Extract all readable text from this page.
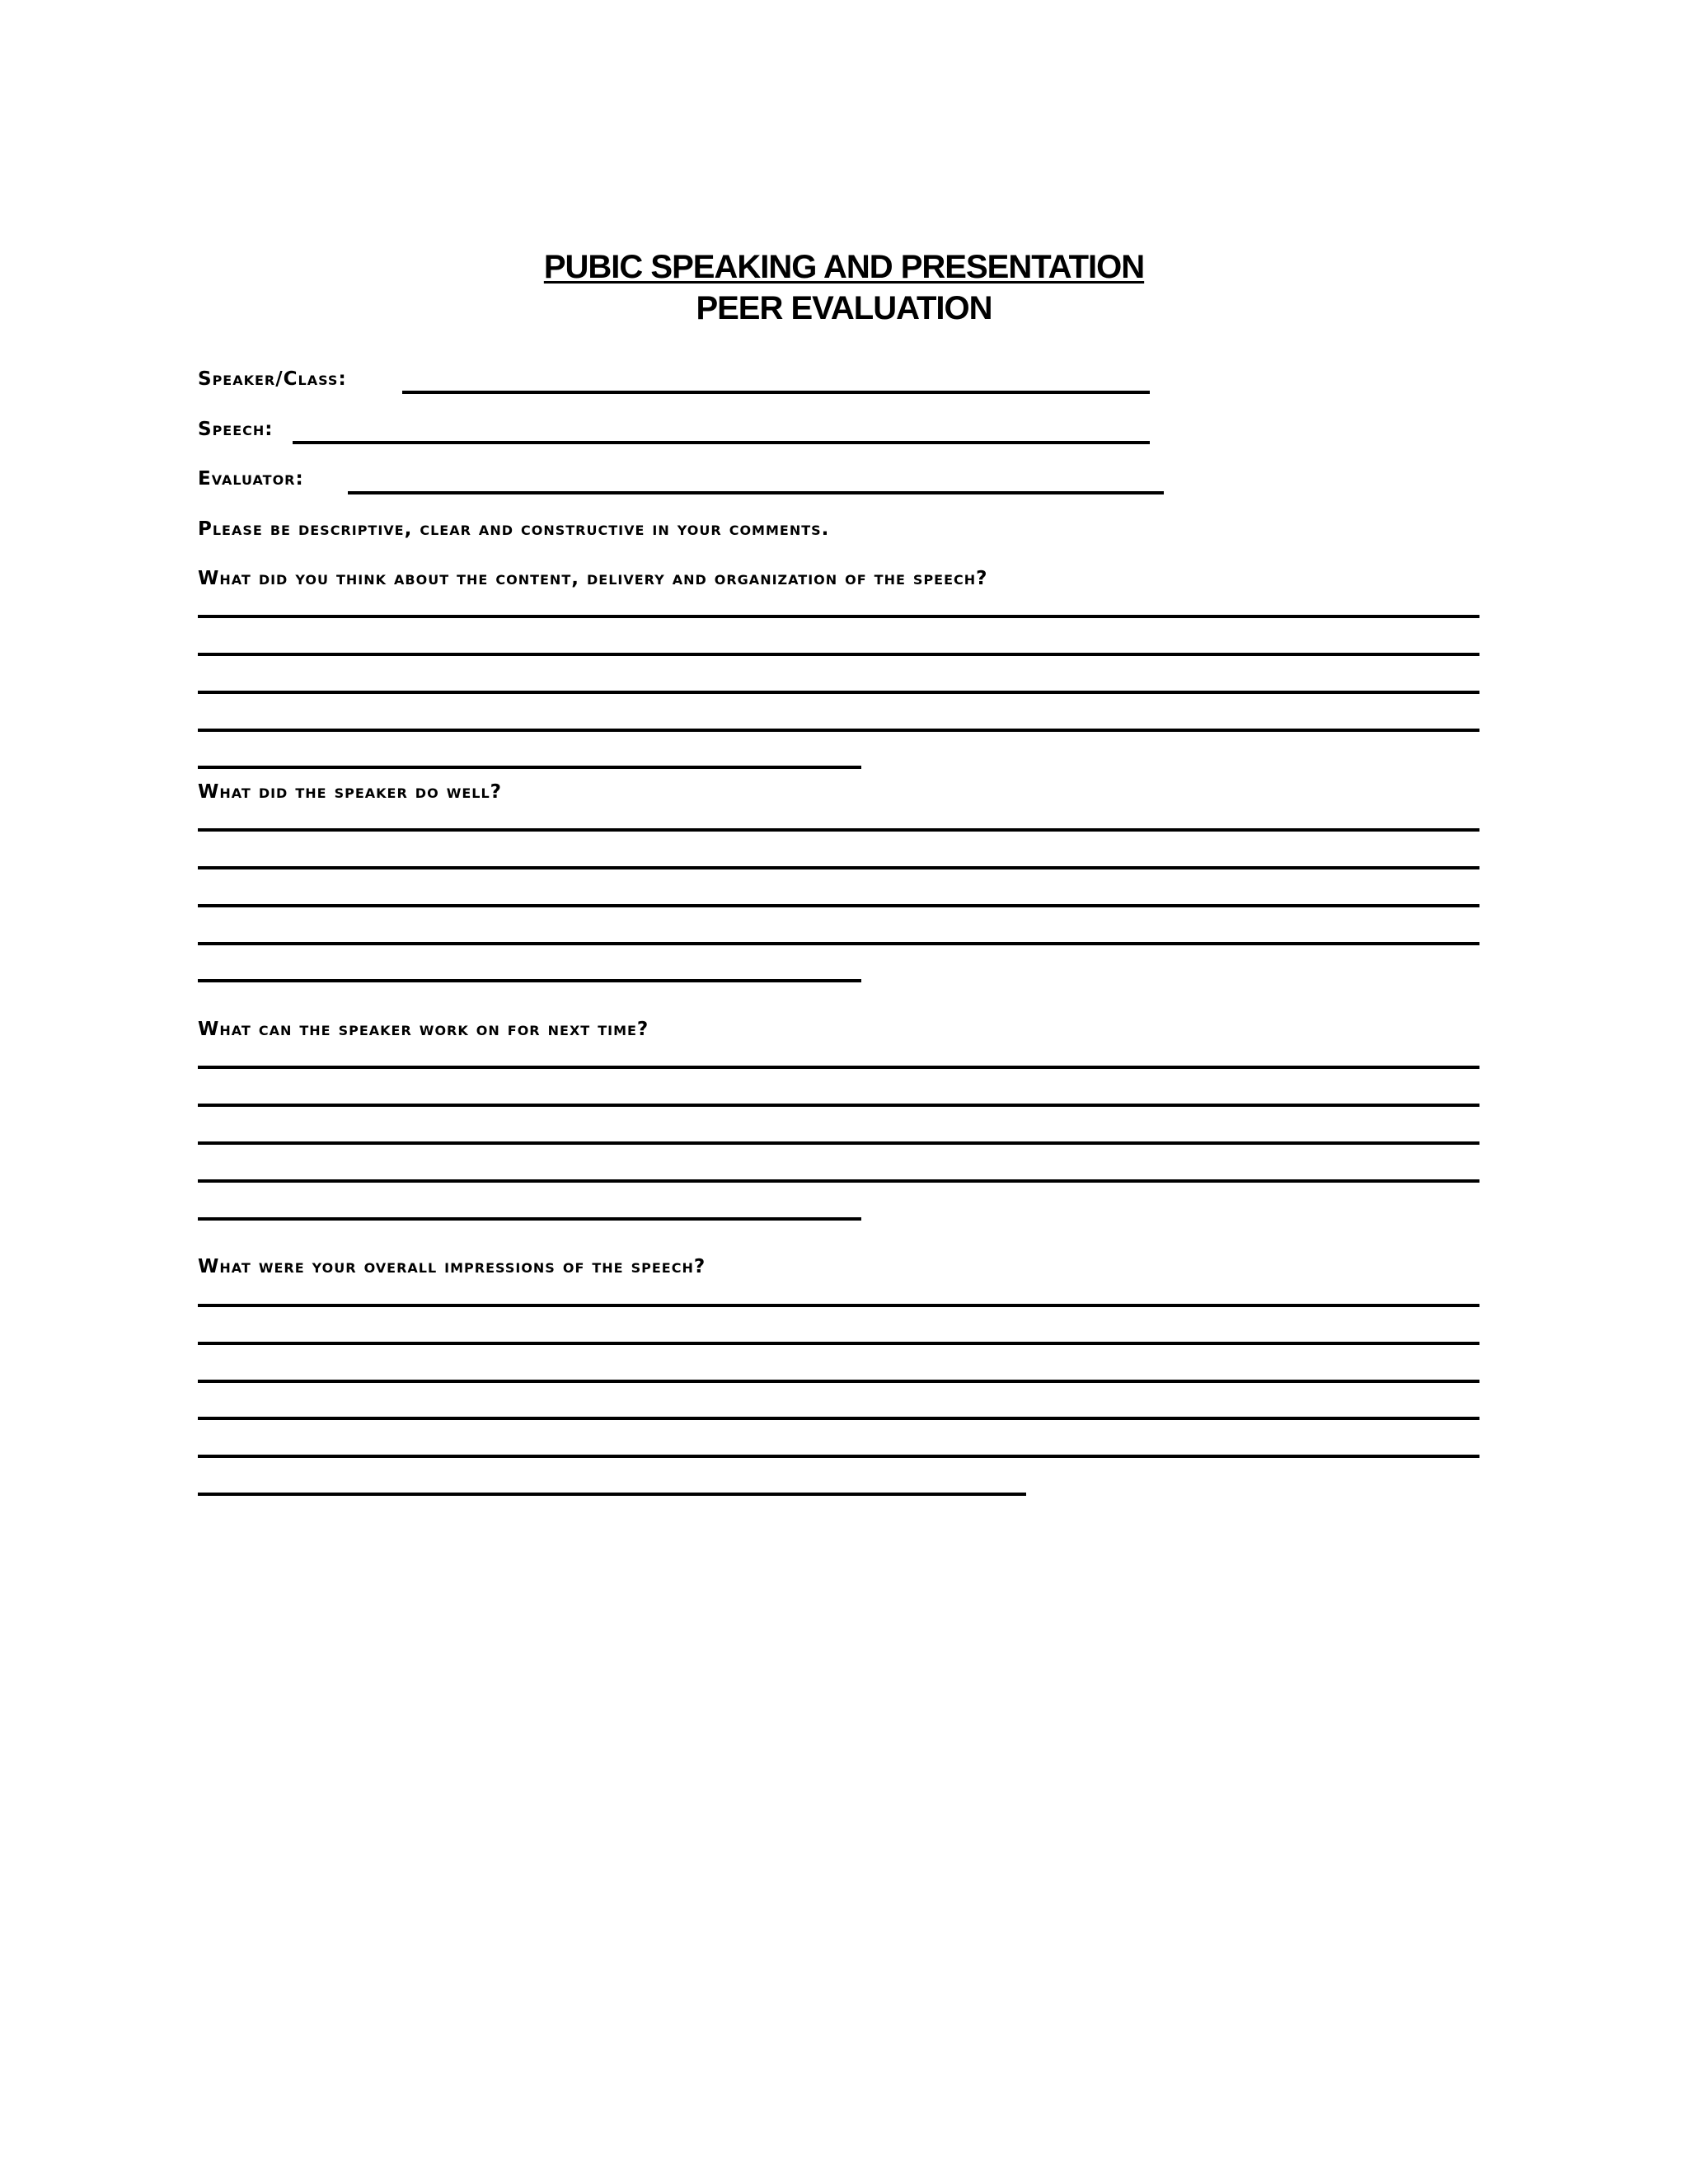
PUBIC SPEAKING AND PRESENTATION
PEER EVALUATION
Speaker/Class:
Speech:
Evaluator:
Please be descriptive, clear and constructive in your comments.
What did you think about the content, delivery and organization of the speech?
What did the speaker do well?
What can the speaker work on for next time?
What were your overall impressions of the speech?
